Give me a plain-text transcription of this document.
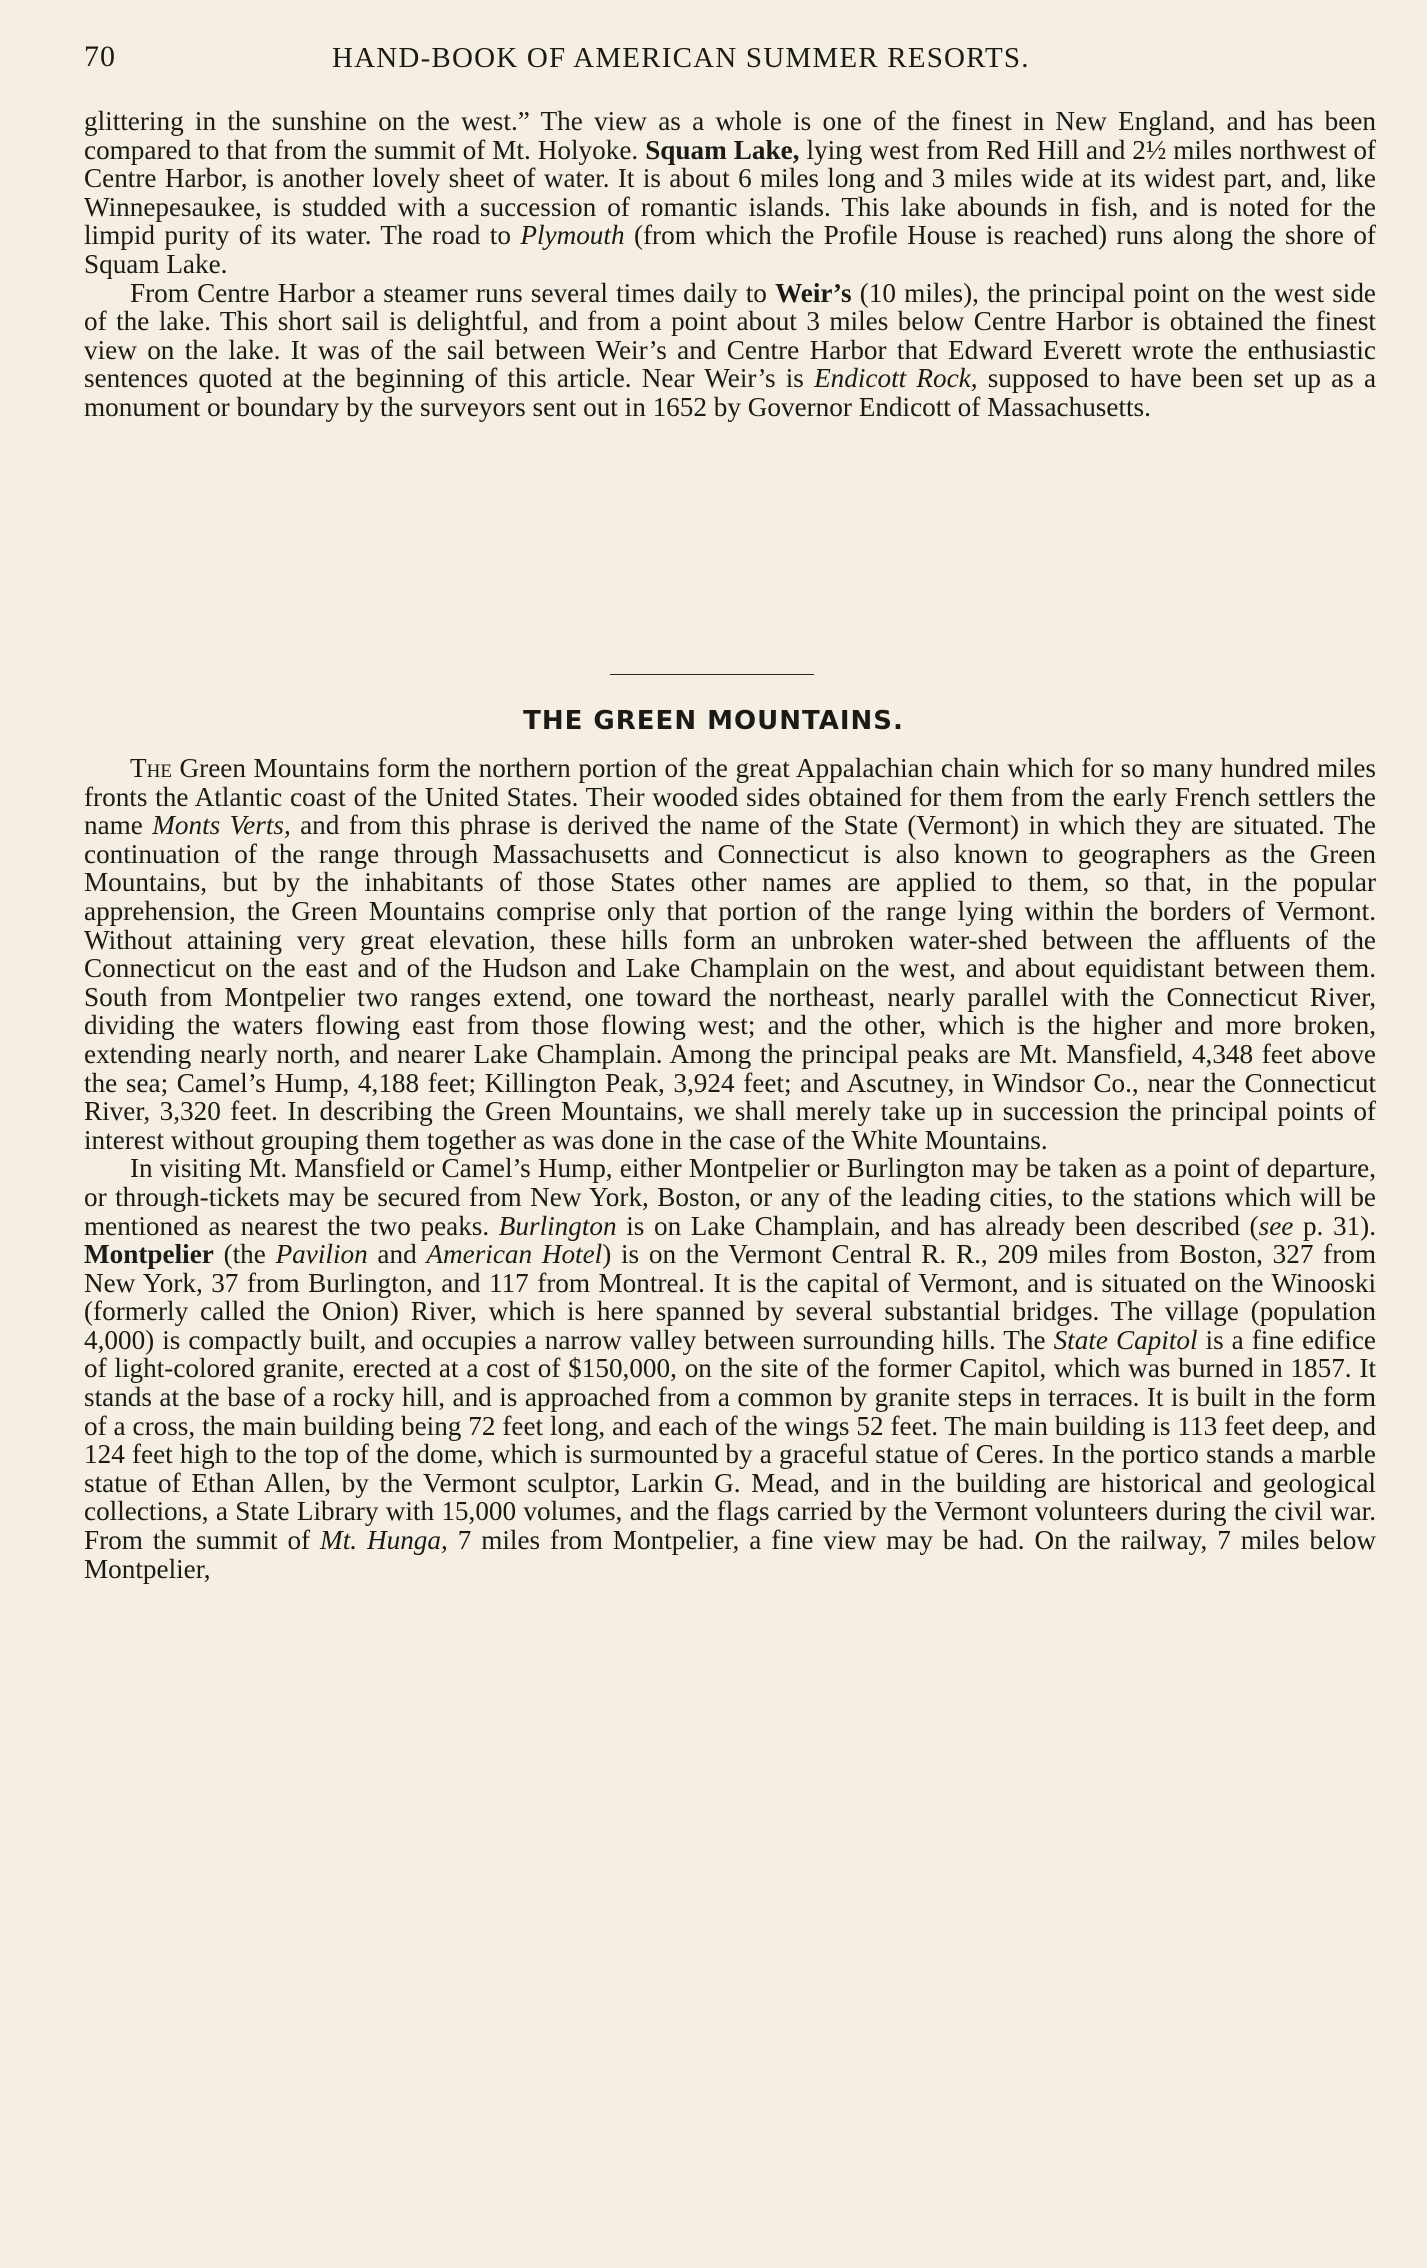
70	HAND-BOOK OF AMERICAN SUMMER RESORTS.

glittering in the sunshine on the west.” The view as a whole is one of the finest in New England, and has been compared to that from the summit of Mt. Holyoke. Squam Lake, lying west from Red Hill and 2½ miles northwest of Centre Harbor, is another lovely sheet of water. It is about 6 miles long and 3 miles wide at its widest part, and, like Winnepesaukee, is studded with a succession of romantic islands. This lake abounds in fish, and is noted for the limpid purity of its water. The road to Plymouth (from which the Profile House is reached) runs along the shore of Squam Lake.

From Centre Harbor a steamer runs several times daily to Weir’s (10 miles), the principal point on the west side of the lake. This short sail is delightful, and from a point about 3 miles below Centre Harbor is obtained the finest view on the lake. It was of the sail between Weir’s and Centre Harbor that Edward Everett wrote the enthusiastic sentences quoted at the beginning of this article. Near Weir’s is Endicott Rock, supposed to have been set up as a monument or boundary by the surveyors sent out in 1652 by Governor Endicott of Massachusetts.

THE GREEN MOUNTAINS.

The Green Mountains form the northern portion of the great Appalachian chain which for so many hundred miles fronts the Atlantic coast of the United States. Their wooded sides obtained for them from the early French settlers the name Monts Verts, and from this phrase is derived the name of the State (Vermont) in which they are situated. The continuation of the range through Massachusetts and Connecticut is also known to geographers as the Green Mountains, but by the inhabitants of those States other names are applied to them, so that, in the popular apprehension, the Green Mountains comprise only that portion of the range lying within the borders of Vermont. Without attaining very great elevation, these hills form an unbroken water-shed between the affluents of the Connecticut on the east and of the Hudson and Lake Champlain on the west, and about equidistant between them. South from Montpelier two ranges extend, one toward the northeast, nearly parallel with the Connecticut River, dividing the waters flowing east from those flowing west; and the other, which is the higher and more broken, extending nearly north, and nearer Lake Champlain. Among the principal peaks are Mt. Mansfield, 4,348 feet above the sea; Camel’s Hump, 4,188 feet; Killington Peak, 3,924 feet; and Ascutney, in Windsor Co., near the Connecticut River, 3,320 feet. In describing the Green Mountains, we shall merely take up in succession the principal points of interest without grouping them together as was done in the case of the White Mountains.

In visiting Mt. Mansfield or Camel’s Hump, either Montpelier or Burlington may be taken as a point of departure, or through-tickets may be secured from New York, Boston, or any of the leading cities, to the stations which will be mentioned as nearest the two peaks. Burlington is on Lake Champlain, and has already been described (see p. 31). Montpelier (the Pavilion and American Hotel) is on the Vermont Central R. R., 209 miles from Boston, 327 from New York, 37 from Burlington, and 117 from Montreal. It is the capital of Vermont, and is situated on the Winooski (formerly called the Onion) River, which is here spanned by several substantial bridges. The village (population 4,000) is compactly built, and occupies a narrow valley between surrounding hills. The State Capitol is a fine edifice of light-colored granite, erected at a cost of $150,000, on the site of the former Capitol, which was burned in 1857. It stands at the base of a rocky hill, and is approached from a common by granite steps in terraces. It is built in the form of a cross, the main building being 72 feet long, and each of the wings 52 feet. The main building is 113 feet deep, and 124 feet high to the top of the dome, which is surmounted by a graceful statue of Ceres. In the portico stands a marble statue of Ethan Allen, by the Vermont sculptor, Larkin G. Mead, and in the building are historical and geological collections, a State Library with 15,000 volumes, and the flags carried by the Vermont volunteers during the civil war. From the summit of Mt. Hunga, 7 miles from Montpelier, a fine view may be had. On the railway, 7 miles below Montpelier,
